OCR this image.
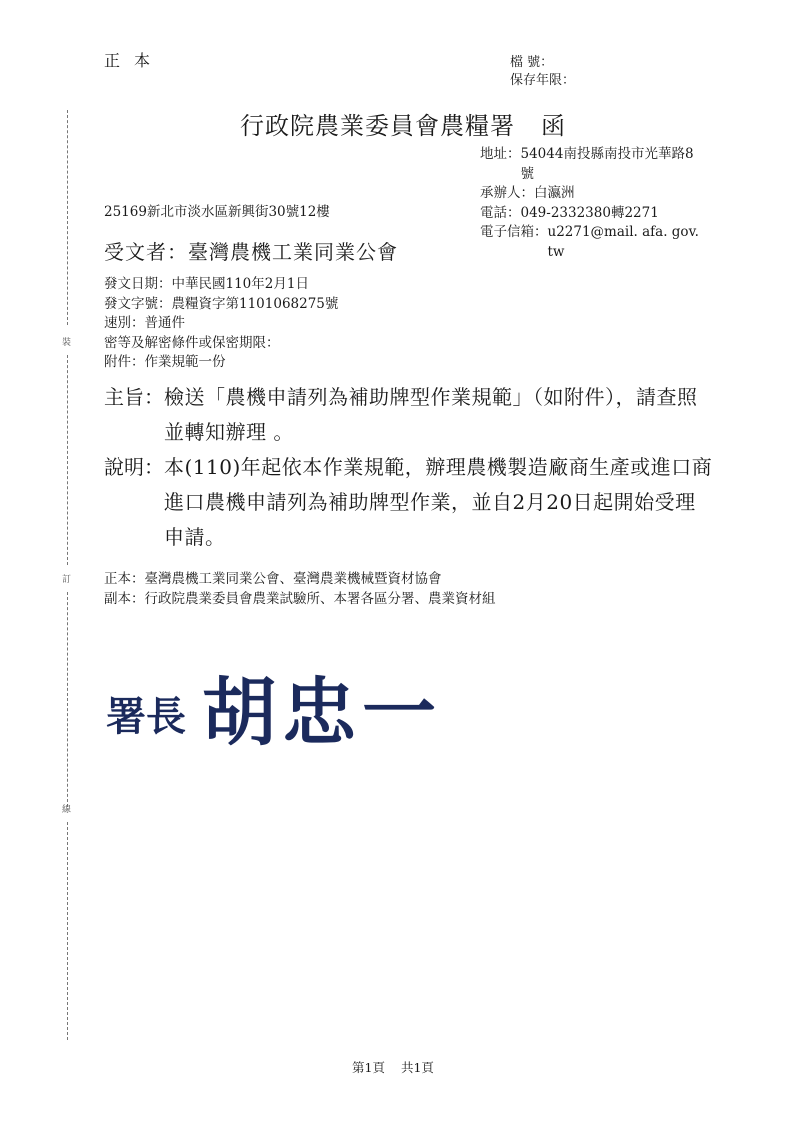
裝
訂
線
正本	檔 號：
保存年限：
行政院農業委員會農糧署 函
地址： 54044南投縣南投市光華路8號
承辦人： 白瀛洲
電話： 049-2332380轉2271
電子信箱： u2271@mail. afa. gov. tw
25169新北市淡水區新興街30號12樓
受文者：臺灣農機工業同業公會
發文日期：中華民國110年2月1日
發文字號：農糧資字第1101068275號
速別：普通件
密等及解密條件或保密期限：
附件：作業規範一份
主旨： 檢送「農機申請列為補助牌型作業規範」（如附件），請查照並轉知辦理 。
說明： 本(110)年起依本作業規範，辦理農機製造廠商生產或進口商進口農機申請列為補助牌型作業，並自2月20日起開始受理申請。
正本：臺灣農機工業同業公會、臺灣農業機械暨資材協會
副本：行政院農業委員會農業試驗所、本署各區分署、農業資材組
署長 胡忠一
第1頁 共1頁
